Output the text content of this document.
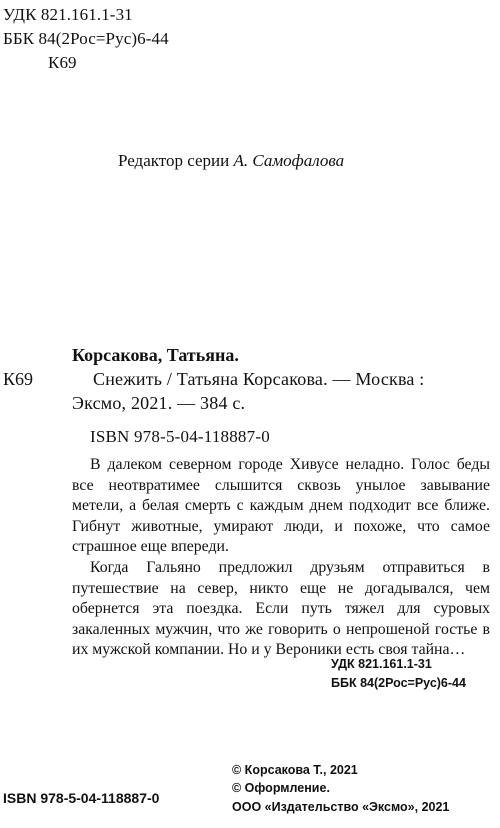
УДК 821.161.1-31
ББК 84(2Рос=Рус)6-44
К69
Редактор серии А. Самофалова
Корсакова, Татьяна.
К69	Снежить / Татьяна Корсакова. — Москва :
Эксмо, 2021. — 384 с.
ISBN 978-5-04-118887-0

В далеком северном городе Хивусе неладно. Голос беды все неотвратимее слышится сквозь унылое завывание метели, а белая смерть с каждым днем подходит все ближе. Гибнут животные, умирают люди, и похоже, что самое страшное еще впереди.

Когда Гальяно предложил друзьям отправиться в путешествие на север, никто еще не догадывался, чем обернется эта поездка. Если путь тяжел для суровых закаленных мужчин, что же говорить о непрошеной гостье в их мужской компании. Но и у Вероники есть своя тайна…

УДК 821.161.1-31
ББК 84(2Рос=Рус)6-44
ISBN 978-5-04-118887-0
© Корсакова Т., 2021
© Оформление.
ООО «Издательство «Эксмо», 2021
